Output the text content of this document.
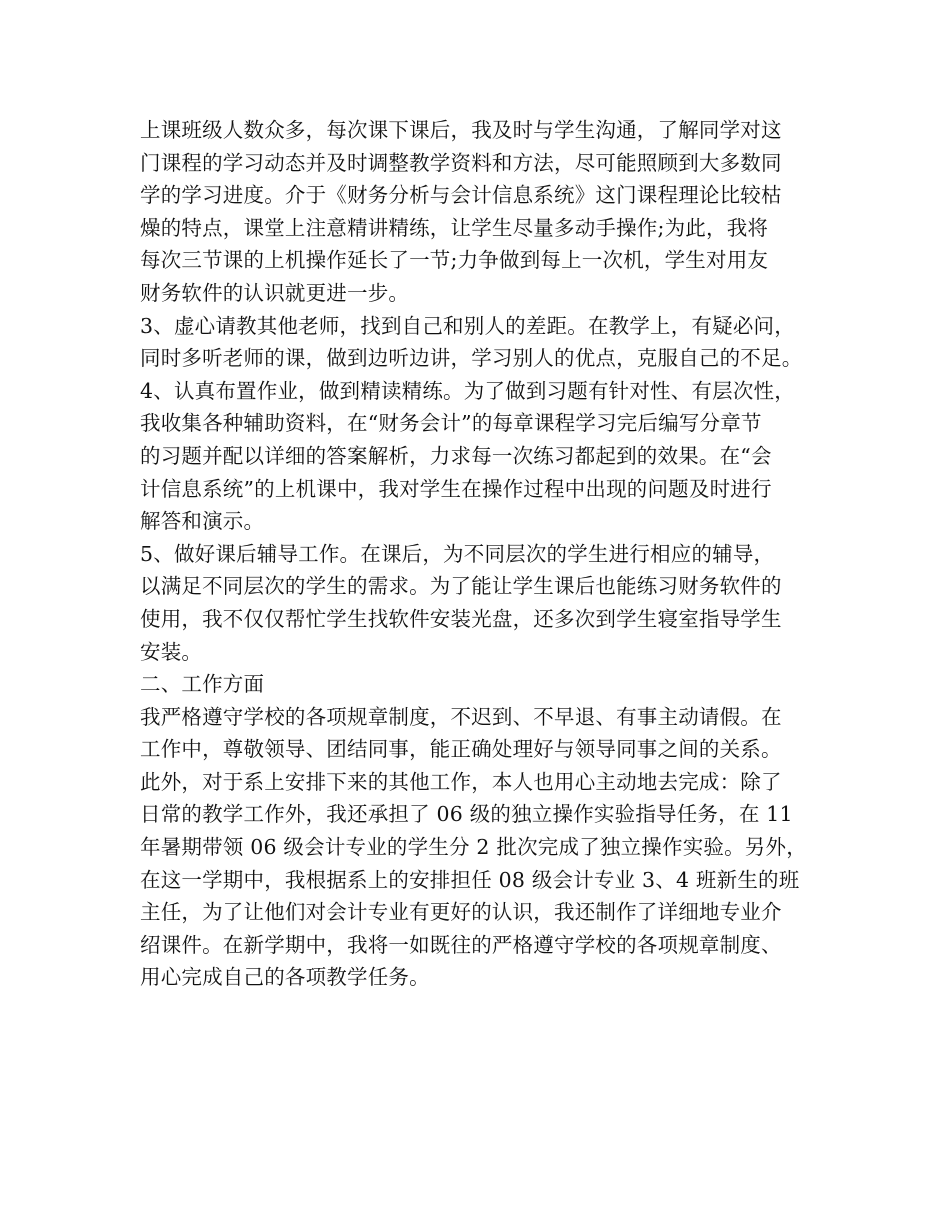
上课班级人数众多，每次课下课后，我及时与学生沟通，了解同学对这
门课程的学习动态并及时调整教学资料和方法，尽可能照顾到大多数同
学的学习进度。介于《财务分析与会计信息系统》这门课程理论比较枯
燥的特点，课堂上注意精讲精练，让学生尽量多动手操作;为此，我将
每次三节课的上机操作延长了一节;力争做到每上一次机，学生对用友
财务软件的认识就更进一步。
3、虚心请教其他老师，找到自己和别人的差距。在教学上，有疑必问，
同时多听老师的课，做到边听边讲，学习别人的优点，克服自己的不足。
4、认真布置作业，做到精读精练。为了做到习题有针对性、有层次性，
我收集各种辅助资料，在“财务会计”的每章课程学习完后编写分章节
的习题并配以详细的答案解析，力求每一次练习都起到的效果。在“会
计信息系统”的上机课中，我对学生在操作过程中出现的问题及时进行
解答和演示。
5、做好课后辅导工作。在课后，为不同层次的学生进行相应的辅导，
以满足不同层次的学生的需求。为了能让学生课后也能练习财务软件的
使用，我不仅仅帮忙学生找软件安装光盘，还多次到学生寝室指导学生
安装。
二、工作方面
我严格遵守学校的各项规章制度，不迟到、不早退、有事主动请假。在
工作中，尊敬领导、团结同事，能正确处理好与领导同事之间的关系。
此外，对于系上安排下来的其他工作，本人也用心主动地去完成：除了
日常的教学工作外，我还承担了 06 级的独立操作实验指导任务，在 11
年暑期带领 06 级会计专业的学生分 2 批次完成了独立操作实验。另外，
在这一学期中，我根据系上的安排担任 08 级会计专业 3、4 班新生的班
主任，为了让他们对会计专业有更好的认识，我还制作了详细地专业介
绍课件。在新学期中，我将一如既往的严格遵守学校的各项规章制度、
用心完成自己的各项教学任务。
